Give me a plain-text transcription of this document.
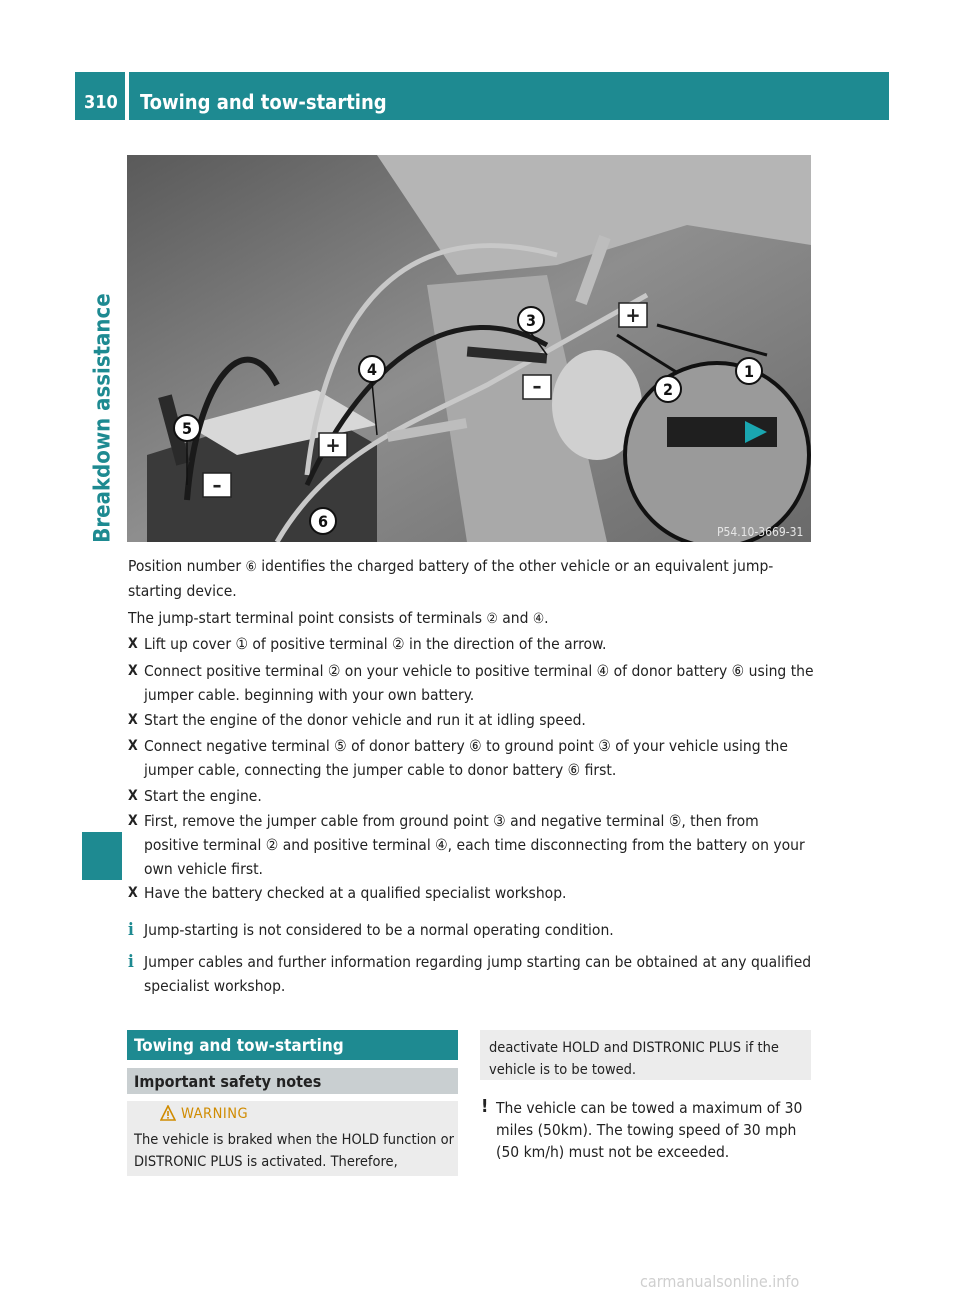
310 Towing and tow-starting
Breakdown assistance	+
–
+
–
1
2
3
4
5
6
P54.10-3669-31
Position number ⑥ identifies the charged battery of the other vehicle or an equivalent jump-starting device.
The jump-start terminal point consists of terminals ② and ④.
X Lift up cover ① of positive terminal ② in the direction of the arrow.
X Connect positive terminal ② on your vehicle to positive terminal ④ of donor battery ⑥ using the jumper cable. beginning with your own battery.
X Start the engine of the donor vehicle and run it at idling speed.
X Connect negative terminal ⑤ of donor battery ⑥ to ground point ③ of your vehicle using the jumper cable, connecting the jumper cable to donor battery ⑥ first.
X Start the engine.
X First, remove the jumper cable from ground point ③ and negative terminal ⑤, then from positive terminal ② and positive terminal ④, each time disconnecting from the battery on your own vehicle first.
X Have the battery checked at a qualified specialist workshop.
i Jump-starting is not considered to be a normal operating condition.
i Jumper cables and further information regarding jump starting can be obtained at any qualified specialist workshop.
Towing and tow-starting
Important safety notes
WARNING
The vehicle is braked when the HOLD function or DISTRONIC PLUS is activated. Therefore,
deactivate HOLD and DISTRONIC PLUS if the vehicle is to be towed.
! The vehicle can be towed a maximum of 30 miles (50km). The towing speed of 30 mph (50 km/h) must not be exceeded.
carmanualsonline.info
